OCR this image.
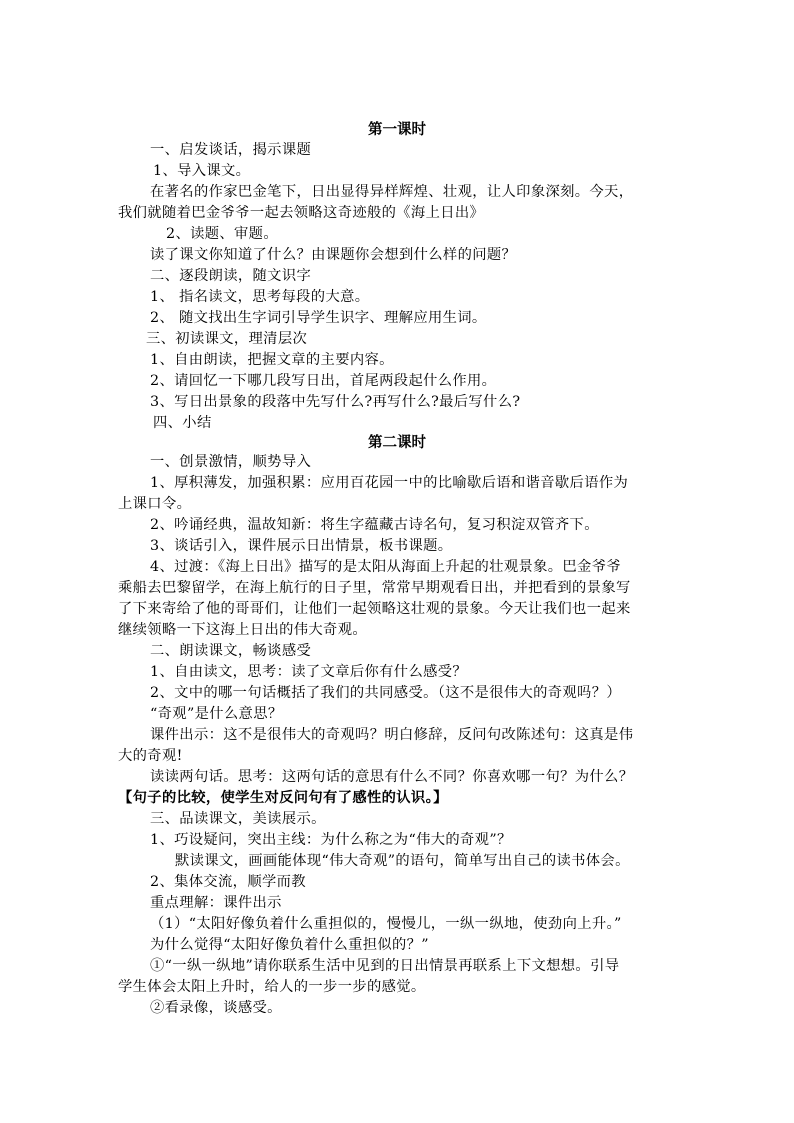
第一课时
一、启发谈话，揭示课题
1、导入课文。
在著名的作家巴金笔下，日出显得异样辉煌、壮观，让人印象深刻。今天，
我们就随着巴金爷爷一起去领略这奇迹般的《海上日出》
2、读题、审题。
读了课文你知道了什么？由课题你会想到什么样的问题？
二、逐段朗读，随文识字
1、 指名读文，思考每段的大意。
2、 随文找出生字词引导学生识字、理解应用生词。
三、初读课文，理清层次
1、自由朗读，把握文章的主要内容。
2、请回忆一下哪几段写日出，首尾两段起什么作用。
3、写日出景象的段落中先写什么?再写什么?最后写什么?
四、小结
第二课时
一、创景激情，顺势导入
1、厚积薄发，加强积累：应用百花园一中的比喻歇后语和谐音歇后语作为
上课口令。
2、吟诵经典，温故知新：将生字蕴藏古诗名句，复习积淀双管齐下。
3、谈话引入，课件展示日出情景，板书课题。
4、过渡：《海上日出》描写的是太阳从海面上升起的壮观景象。巴金爷爷
乘船去巴黎留学，在海上航行的日子里，常常早期观看日出，并把看到的景象写
了下来寄给了他的哥哥们，让他们一起领略这壮观的景象。今天让我们也一起来
继续领略一下这海上日出的伟大奇观。
二、朗读课文，畅谈感受
1、自由读文，思考：读了文章后你有什么感受？
2、文中的哪一句话概括了我们的共同感受。（这不是很伟大的奇观吗？）
“奇观”是什么意思？
课件出示：这不是很伟大的奇观吗？明白修辞，反问句改陈述句：这真是伟
大的奇观!
读读两句话。思考：这两句话的意思有什么不同？你喜欢哪一句？为什么？
【句子的比较，使学生对反问句有了感性的认识。】
三、品读课文，美读展示。
1、巧设疑问，突出主线：为什么称之为“伟大的奇观”？
默读课文，画画能体现“伟大奇观”的语句，简单写出自己的读书体会。
2、集体交流，顺学而教
重点理解：课件出示
（1）“太阳好像负着什么重担似的，慢慢儿，一纵一纵地，使劲向上升。”
为什么觉得“太阳好像负着什么重担似的？”
①“一纵一纵地”请你联系生活中见到的日出情景再联系上下文想想。引导
学生体会太阳上升时，给人的一步一步的感觉。
②看录像，谈感受。
